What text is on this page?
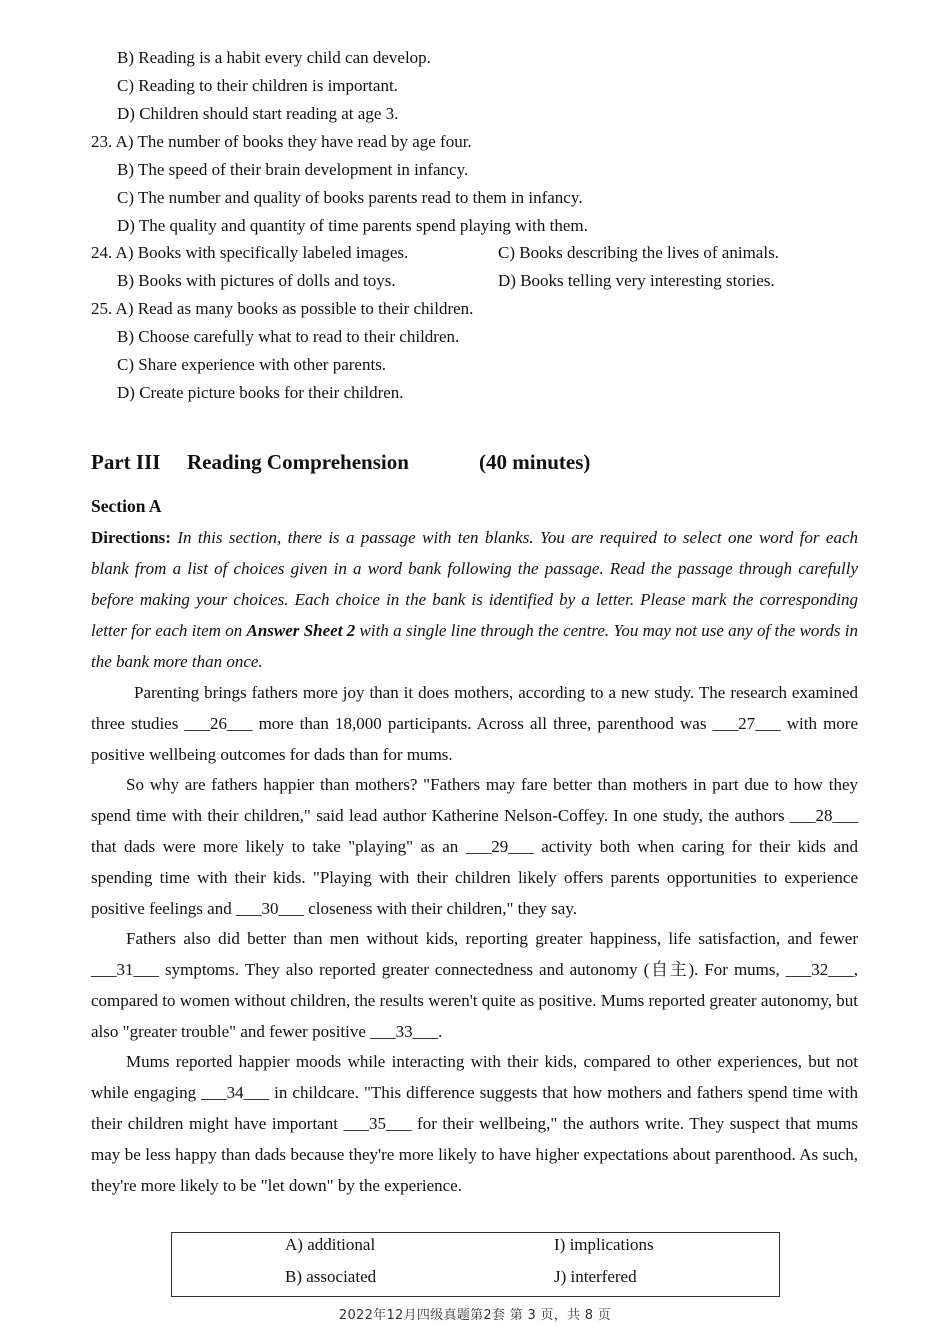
B) Reading is a habit every child can develop.
C) Reading to their children is important.
D) Children should start reading at age 3.
23. A) The number of books they have read by age four.
B) The speed of their brain development in infancy.
C) The number and quality of books parents read to them in infancy.
D) The quality and quantity of time parents spend playing with them.
24. A) Books with specifically labeled images.	C) Books describing the lives of animals.
B) Books with pictures of dolls and toys.	D) Books telling very interesting stories.
25. A) Read as many books as possible to their children.
B) Choose carefully what to read to their children.
C) Share experience with other parents.
D) Create picture books for their children.
Part III Reading Comprehension	(40 minutes)
Section A
Directions: In this section, there is a passage with ten blanks. You are required to select one word for each blank from a list of choices given in a word bank following the passage. Read the passage through carefully before making your choices. Each choice in the bank is identified by a letter. Please mark the corresponding letter for each item on Answer Sheet 2 with a single line through the centre. You may not use any of the words in the bank more than once.
Parenting brings fathers more joy than it does mothers, according to a new study. The research examined three studies ___26___ more than 18,000 participants. Across all three, parenthood was ___27___ with more positive wellbeing outcomes for dads than for mums.
So why are fathers happier than mothers? "Fathers may fare better than mothers in part due to how they spend time with their children," said lead author Katherine Nelson-Coffey. In one study, the authors ___28___ that dads were more likely to take "playing" as an ___29___ activity both when caring for their kids and spending time with their kids. "Playing with their children likely offers parents opportunities to experience positive feelings and ___30___ closeness with their children," they say.
Fathers also did better than men without kids, reporting greater happiness, life satisfaction, and fewer ___31___ symptoms. They also reported greater connectedness and autonomy (自主). For mums, ___32___, compared to women without children, the results weren't quite as positive. Mums reported greater autonomy, but also "greater trouble" and fewer positive ___33___.
Mums reported happier moods while interacting with their kids, compared to other experiences, but not while engaging ___34___ in childcare. "This difference suggests that how mothers and fathers spend time with their children might have important ___35___ for their wellbeing," the authors write. They suspect that mums may be less happy than dads because they're more likely to have higher expectations about parenthood. As such, they're more likely to be "let down" by the experience.
A) additional	I) implications
B) associated	J) interfered
2022年12月四级真题第2套 第 3 页，共 8 页
